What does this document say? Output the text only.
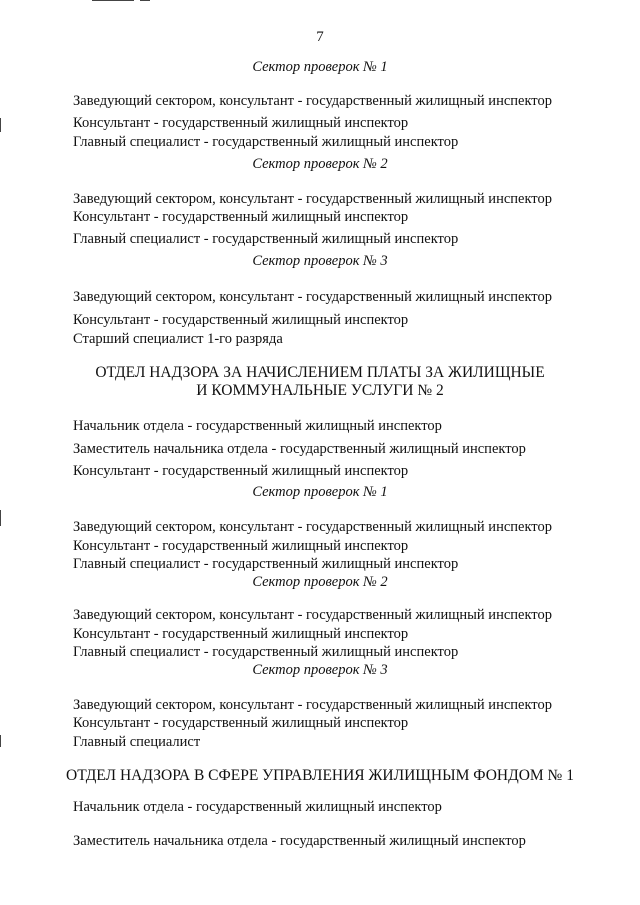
7
Сектор проверок № 1
Заведующий сектором, консультант - государственный жилищный инспектор
Консультант - государственный жилищный инспектор
Главный специалист - государственный жилищный инспектор
Сектор проверок № 2
Заведующий сектором, консультант - государственный жилищный инспектор
Консультант - государственный жилищный инспектор
Главный специалист - государственный жилищный инспектор
Сектор проверок № 3
Заведующий сектором, консультант - государственный жилищный инспектор
Консультант - государственный жилищный инспектор
Старший специалист 1-го разряда
ОТДЕЛ НАДЗОРА ЗА НАЧИСЛЕНИЕМ ПЛАТЫ ЗА ЖИЛИЩНЫЕ
И КОММУНАЛЬНЫЕ УСЛУГИ № 2
Начальник отдела - государственный жилищный инспектор
Заместитель начальника отдела - государственный жилищный инспектор
Консультант - государственный жилищный инспектор
Сектор проверок № 1
Заведующий сектором, консультант - государственный жилищный инспектор
Консультант - государственный жилищный инспектор
Главный специалист - государственный жилищный инспектор
Сектор проверок № 2
Заведующий сектором, консультант - государственный жилищный инспектор
Консультант - государственный жилищный инспектор
Главный специалист - государственный жилищный инспектор
Сектор проверок № 3
Заведующий сектором, консультант - государственный жилищный инспектор
Консультант - государственный жилищный инспектор
Главный специалист
ОТДЕЛ НАДЗОРА В СФЕРЕ УПРАВЛЕНИЯ ЖИЛИЩНЫМ ФОНДОМ № 1
Начальник отдела - государственный жилищный инспектор
Заместитель начальника отдела - государственный жилищный инспектор
